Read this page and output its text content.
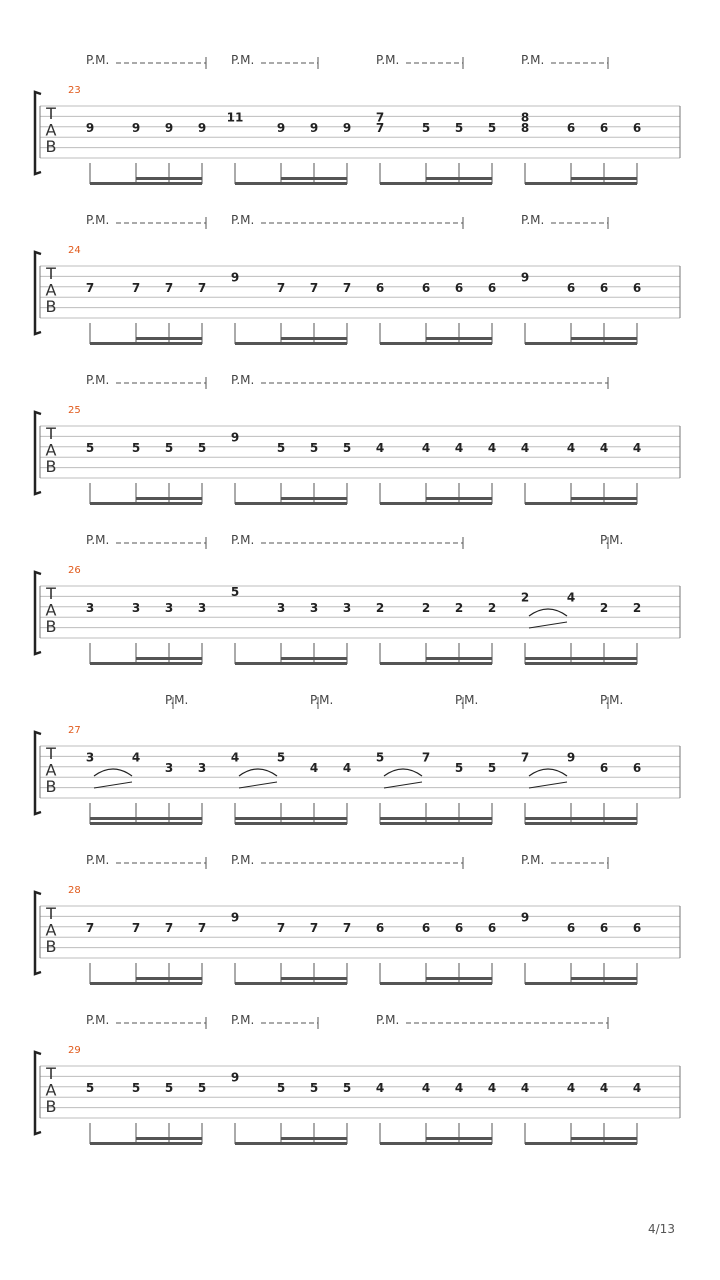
T
A
B
23
P.M.	P.M.	P.M.	P.M.
9	9 9 9
11
9 9 9
7
7	5 5 5
8
8	6 6 6
T
A
B
24
P.M.	P.M.	P.M.
7	7 7 7
9
7 7 7 6	6 6 6
9
6 6 6
T
A
B
25
P.M.	P.M.
5	5 5 5
9
5 5 5 4	4 4 4 4	4 4 4
T
A
B
26
P.M.	P.M.	P.M.
3	3 3 3
5
3 3 3 2	2 2 2
2	4
2 2
T
A
B
27
P.M.	P.M.	P.M.	P.M.
3	4
3 3
4	5
4 4
5	7
5 5
7	9
6 6
T
A
B
28
P.M.	P.M.	P.M.
7	7 7 7
9
7 7 7 6	6 6 6
9
6 6 6
T
A
B
29
P.M.	P.M.	P.M.
5	5 5 5
9
5 5 5 4	4 4 4 4	4 4 4
4/13
